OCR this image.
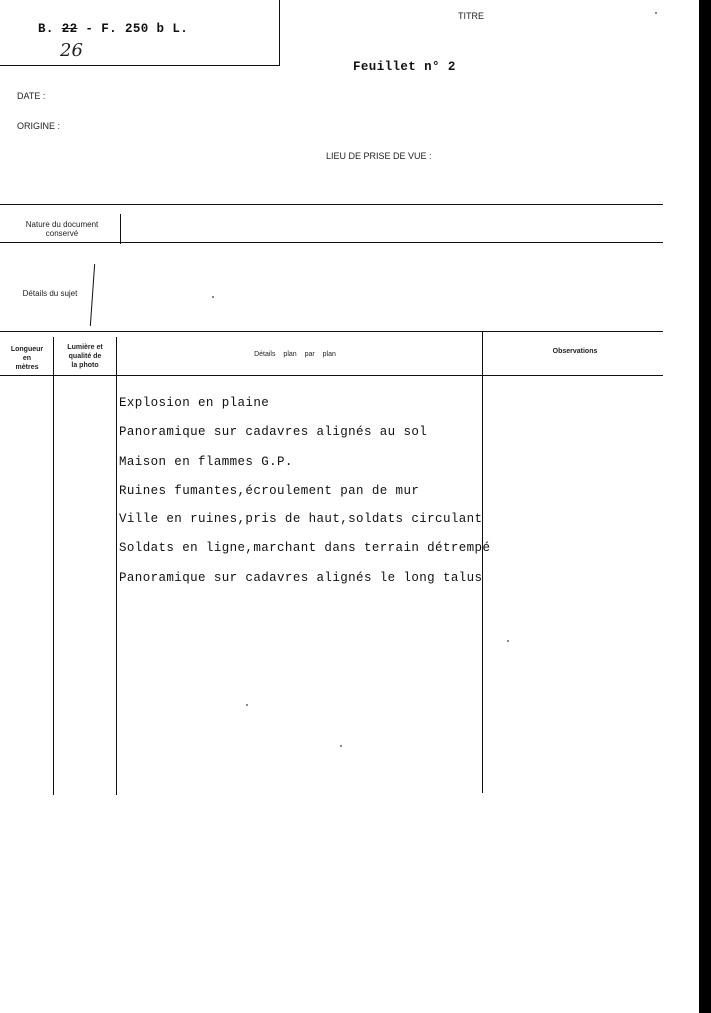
B. 22 - F. 250 b L.
26
TITRE
Feuillet n° 2
DATE :
ORIGINE :
LIEU DE PRISE DE VUE :
Nature du document
conservé
Détails du sujet
Longueur
en
mètres
Lumière et
qualité de
la photo
Détails plan par plan	Observations
Explosion en plaine
Panoramique sur cadavres alignés au sol
Maison en flammes G.P.
Ruines fumantes,écroulement pan de mur
Ville en ruines,pris de haut,soldats circulant
Soldats en ligne,marchant dans terrain détrempé
Panoramique sur cadavres alignés le long talus
